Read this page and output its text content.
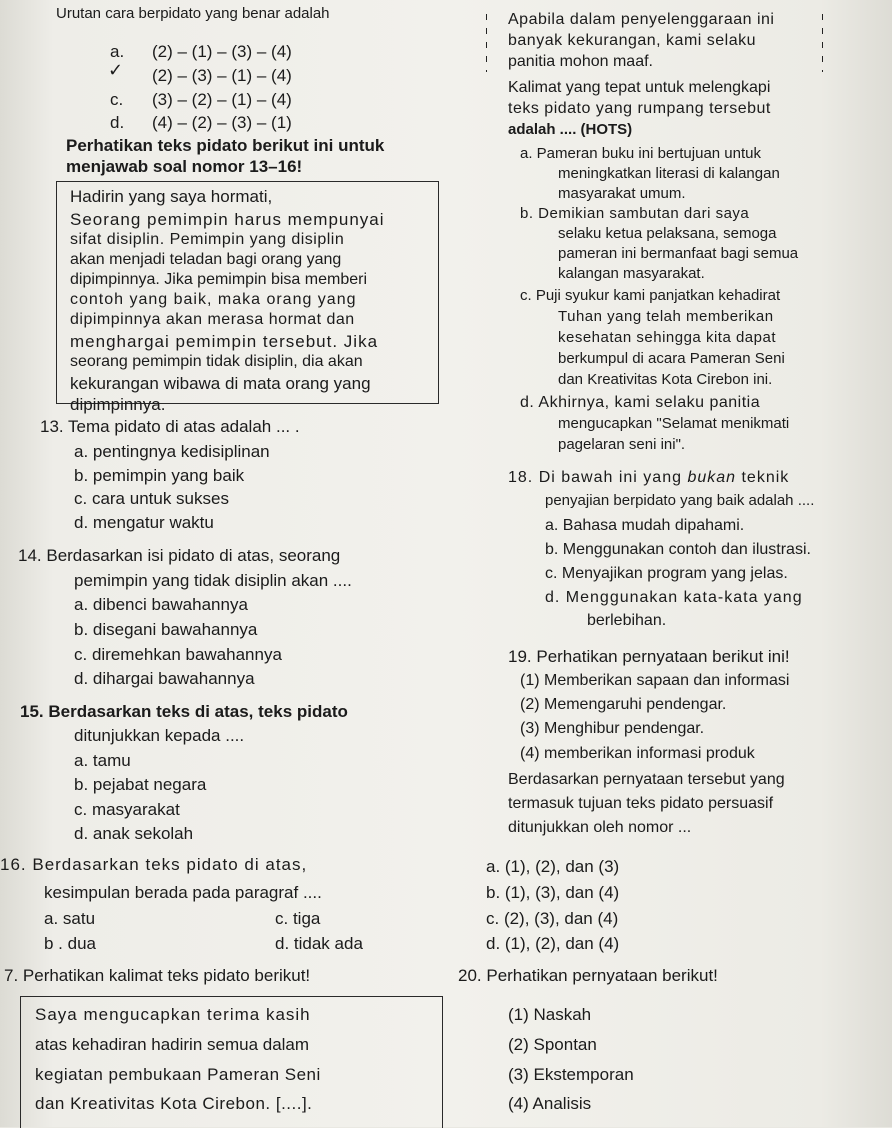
Urutan cara berpidato yang benar adalah
a. (2) – (1) – (3) – (4)
✓ (2) – (3) – (1) – (4)
c. (3) – (2) – (1) – (4)
d. (4) – (2) – (3) – (1)
Perhatikan teks pidato berikut ini untuk
menjawab soal nomor 13–16!
Hadirin yang saya hormati,
Seorang pemimpin harus mempunyai
sifat disiplin. Pemimpin yang disiplin
akan menjadi teladan bagi orang yang
dipimpinnya. Jika pemimpin bisa memberi
contoh yang baik, maka orang yang
dipimpinnya akan merasa hormat dan
menghargai pemimpin tersebut. Jika
seorang pemimpin tidak disiplin, dia akan
kekurangan wibawa di mata orang yang
dipimpinnya.
13. Tema pidato di atas adalah ... .
a. pentingnya kedisiplinan
b. pemimpin yang baik
c. cara untuk sukses
d. mengatur waktu
14. Berdasarkan isi pidato di atas, seorang
pemimpin yang tidak disiplin akan ....
a. dibenci bawahannya
b. disegani bawahannya
c. diremehkan bawahannya
d. dihargai bawahannya
15. Berdasarkan teks di atas, teks pidato
ditunjukkan kepada ....
a. tamu
b. pejabat negara
c. masyarakat
d. anak sekolah
16. Berdasarkan teks pidato di atas,
kesimpulan berada pada paragraf ....
a. satu	c. tiga
b . dua	d. tidak ada
7. Perhatikan kalimat teks pidato berikut!
Saya mengucapkan terima kasih
atas kehadiran hadirin semua dalam
kegiatan pembukaan Pameran Seni
dan Kreativitas Kota Cirebon. [....].
Apabila dalam penyelenggaraan ini
banyak kekurangan, kami selaku
panitia mohon maaf.
Kalimat yang tepat untuk melengkapi
teks pidato yang rumpang tersebut
adalah .... (HOTS)
a. Pameran buku ini bertujuan untuk
meningkatkan literasi di kalangan
masyarakat umum.
b. Demikian sambutan dari saya
selaku ketua pelaksana, semoga
pameran ini bermanfaat bagi semua
kalangan masyarakat.
c. Puji syukur kami panjatkan kehadirat
Tuhan yang telah memberikan
kesehatan sehingga kita dapat
berkumpul di acara Pameran Seni
dan Kreativitas Kota Cirebon ini.
d. Akhirnya, kami selaku panitia
mengucapkan "Selamat menikmati
pagelaran seni ini".
18. Di bawah ini yang bukan teknik
penyajian berpidato yang baik adalah ....
a. Bahasa mudah dipahami.
b. Menggunakan contoh dan ilustrasi.
c. Menyajikan program yang jelas.
d. Menggunakan kata-kata yang
berlebihan.
19. Perhatikan pernyataan berikut ini!
(1) Memberikan sapaan dan informasi
(2) Memengaruhi pendengar.
(3) Menghibur pendengar.
(4) memberikan informasi produk
Berdasarkan pernyataan tersebut yang
termasuk tujuan teks pidato persuasif
ditunjukkan oleh nomor ...
a. (1), (2), dan (3)
b. (1), (3), dan (4)
c. (2), (3), dan (4)
d. (1), (2), dan (4)
20. Perhatikan pernyataan berikut!
(1) Naskah
(2) Spontan
(3) Ekstemporan
(4) Analisis
